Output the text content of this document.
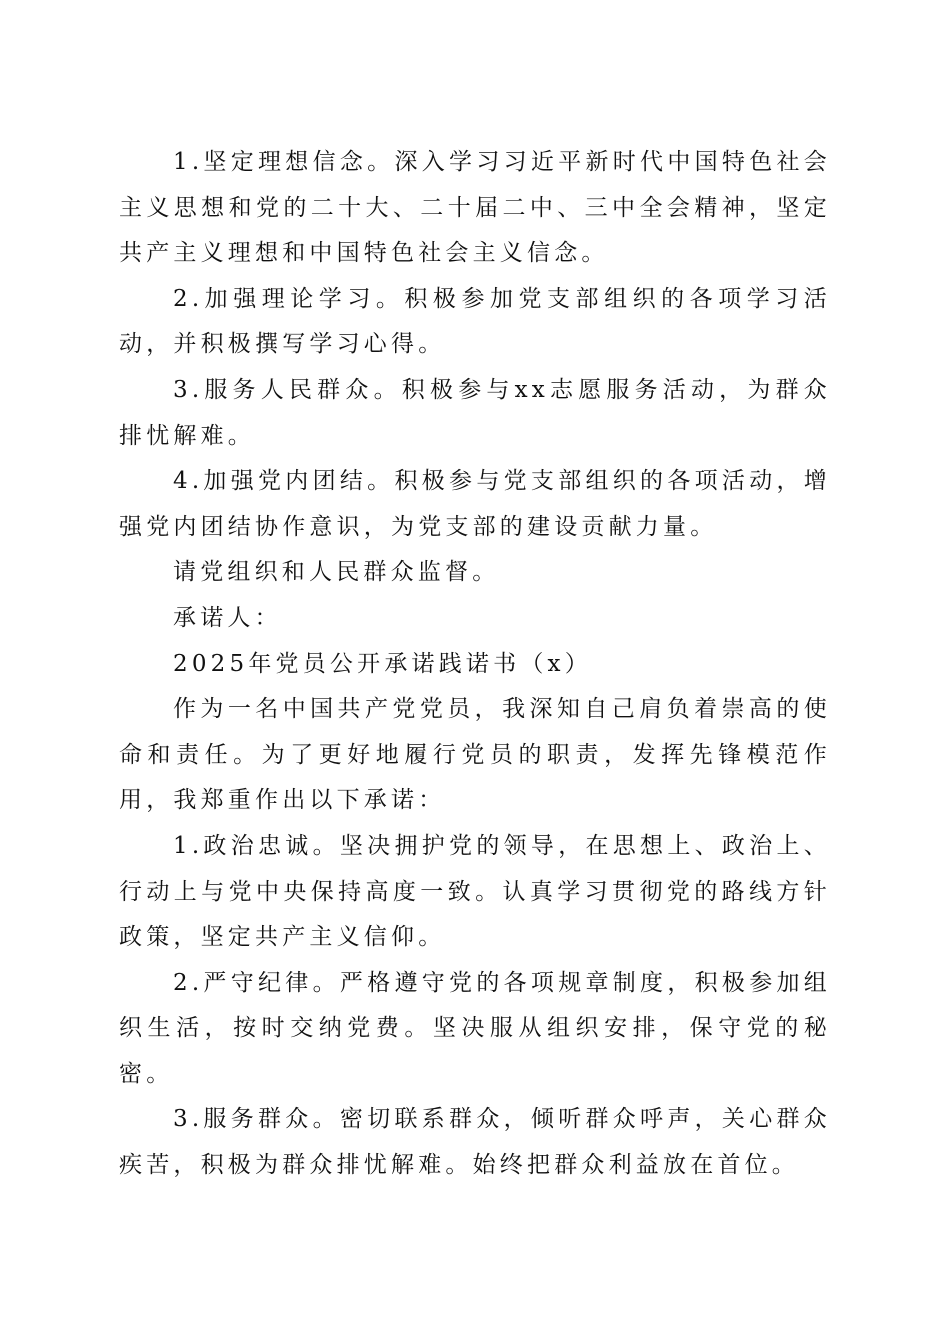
1.坚定理想信念。深入学习习近平新时代中国特色社会主义思想和党的二十大、二十届二中、三中全会精神，坚定共产主义理想和中国特色社会主义信念。

2.加强理论学习。积极参加党支部组织的各项学习活动，并积极撰写学习心得。

3.服务人民群众。积极参与xx志愿服务活动，为群众排忧解难。

4.加强党内团结。积极参与党支部组织的各项活动，增强党内团结协作意识，为党支部的建设贡献力量。

请党组织和人民群众监督。

承诺人：

2025年党员公开承诺践诺书（x）

作为一名中国共产党党员，我深知自己肩负着崇高的使命和责任。为了更好地履行党员的职责，发挥先锋模范作用，我郑重作出以下承诺：

1.政治忠诚。坚决拥护党的领导，在思想上、政治上、行动上与党中央保持高度一致。认真学习贯彻党的路线方针政策，坚定共产主义信仰。

2.严守纪律。严格遵守党的各项规章制度，积极参加组织生活，按时交纳党费。坚决服从组织安排，保守党的秘密。

3.服务群众。密切联系群众，倾听群众呼声，关心群众疾苦，积极为群众排忧解难。始终把群众利益放在首位。
